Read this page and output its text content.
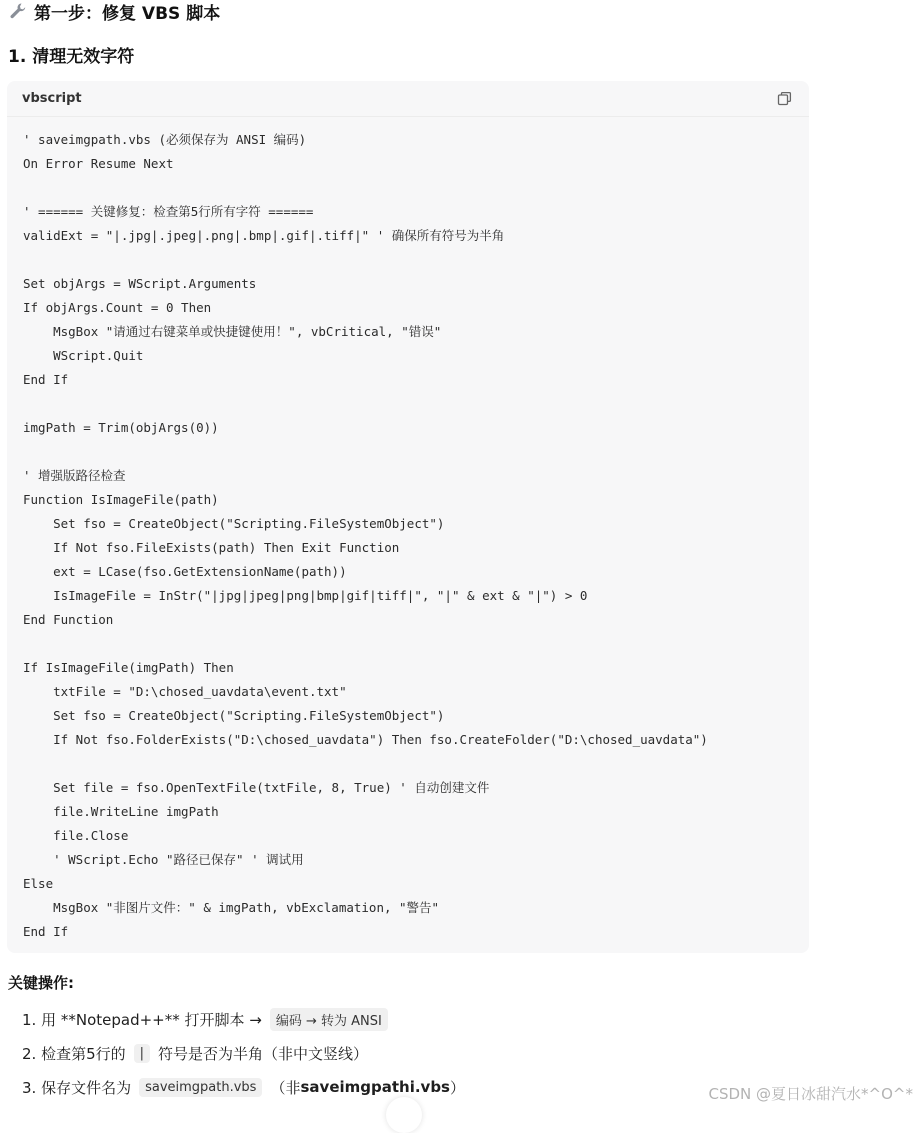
第一步：修复 VBS 脚本
1. 清理无效字符
vbscript
' saveimgpath.vbs (必须保存为 ANSI 编码)
On Error Resume Next
' ====== 关键修复：检查第5行所有字符 ======
validExt = "|.jpg|.jpeg|.png|.bmp|.gif|.tiff|" ' 确保所有符号为半角
Set objArgs = WScript.Arguments
If objArgs.Count = 0 Then
MsgBox "请通过右键菜单或快捷键使用！", vbCritical, "错误"
WScript.Quit
End If
imgPath = Trim(objArgs(0))
' 增强版路径检查
Function IsImageFile(path)
Set fso = CreateObject("Scripting.FileSystemObject")
If Not fso.FileExists(path) Then Exit Function
ext = LCase(fso.GetExtensionName(path))
IsImageFile = InStr("|jpg|jpeg|png|bmp|gif|tiff|", "|" & ext & "|") > 0
End Function
If IsImageFile(imgPath) Then
txtFile = "D:\chosed_uavdata\event.txt"
Set fso = CreateObject("Scripting.FileSystemObject")
If Not fso.FolderExists("D:\chosed_uavdata") Then fso.CreateFolder("D:\chosed_uavdata")
Set file = fso.OpenTextFile(txtFile, 8, True) ' 自动创建文件
file.WriteLine imgPath
file.Close
' WScript.Echo "路径已保存" ' 调试用
Else
MsgBox "非图片文件：" & imgPath, vbExclamation, "警告"
End If
关键操作:
1. 用 **Notepad++** 打开脚本 →	编码 → 转为 ANSI
2. 检查第5行的	| 符号是否为半角（非中文竖线）
3. 保存文件名为	saveimgpath.vbs （非 saveimgpathi.vbs ）	CSDN @夏日冰甜汽水*^O^*
